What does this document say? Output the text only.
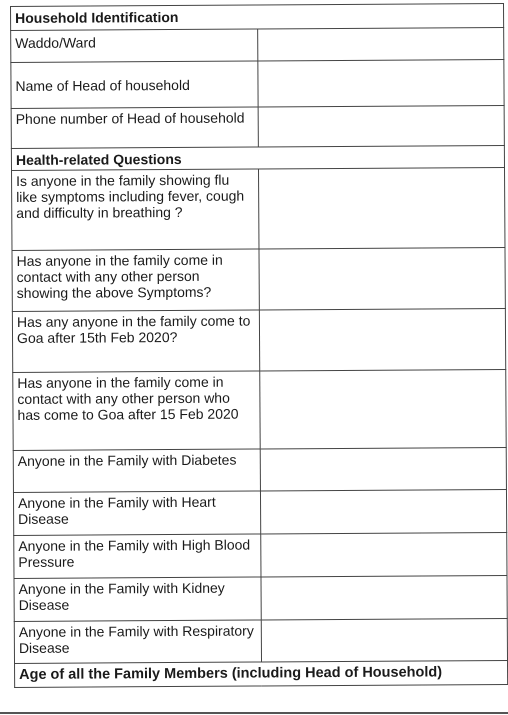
Household Identification	
Waddo/Ward	
Name of Head of household	
Phone number of Head of household	
Health-related Questions	
Is anyone in the family showing flu like symptoms including fever, cough and difficulty in breathing ?	
Has anyone in the family come in contact with any other person showing the above Symptoms?	
Has any anyone in the family come to Goa after 15th Feb 2020?	
Has anyone in the family come in contact with any other person who has come to Goa after 15 Feb 2020	
Anyone in the Family with Diabetes	
Anyone in the Family with Heart Disease	
Anyone in the Family with High Blood Pressure	
Anyone in the Family with Kidney Disease	
Anyone in the Family with Respiratory Disease	
Age of all the Family Members (including Head of Household)	
